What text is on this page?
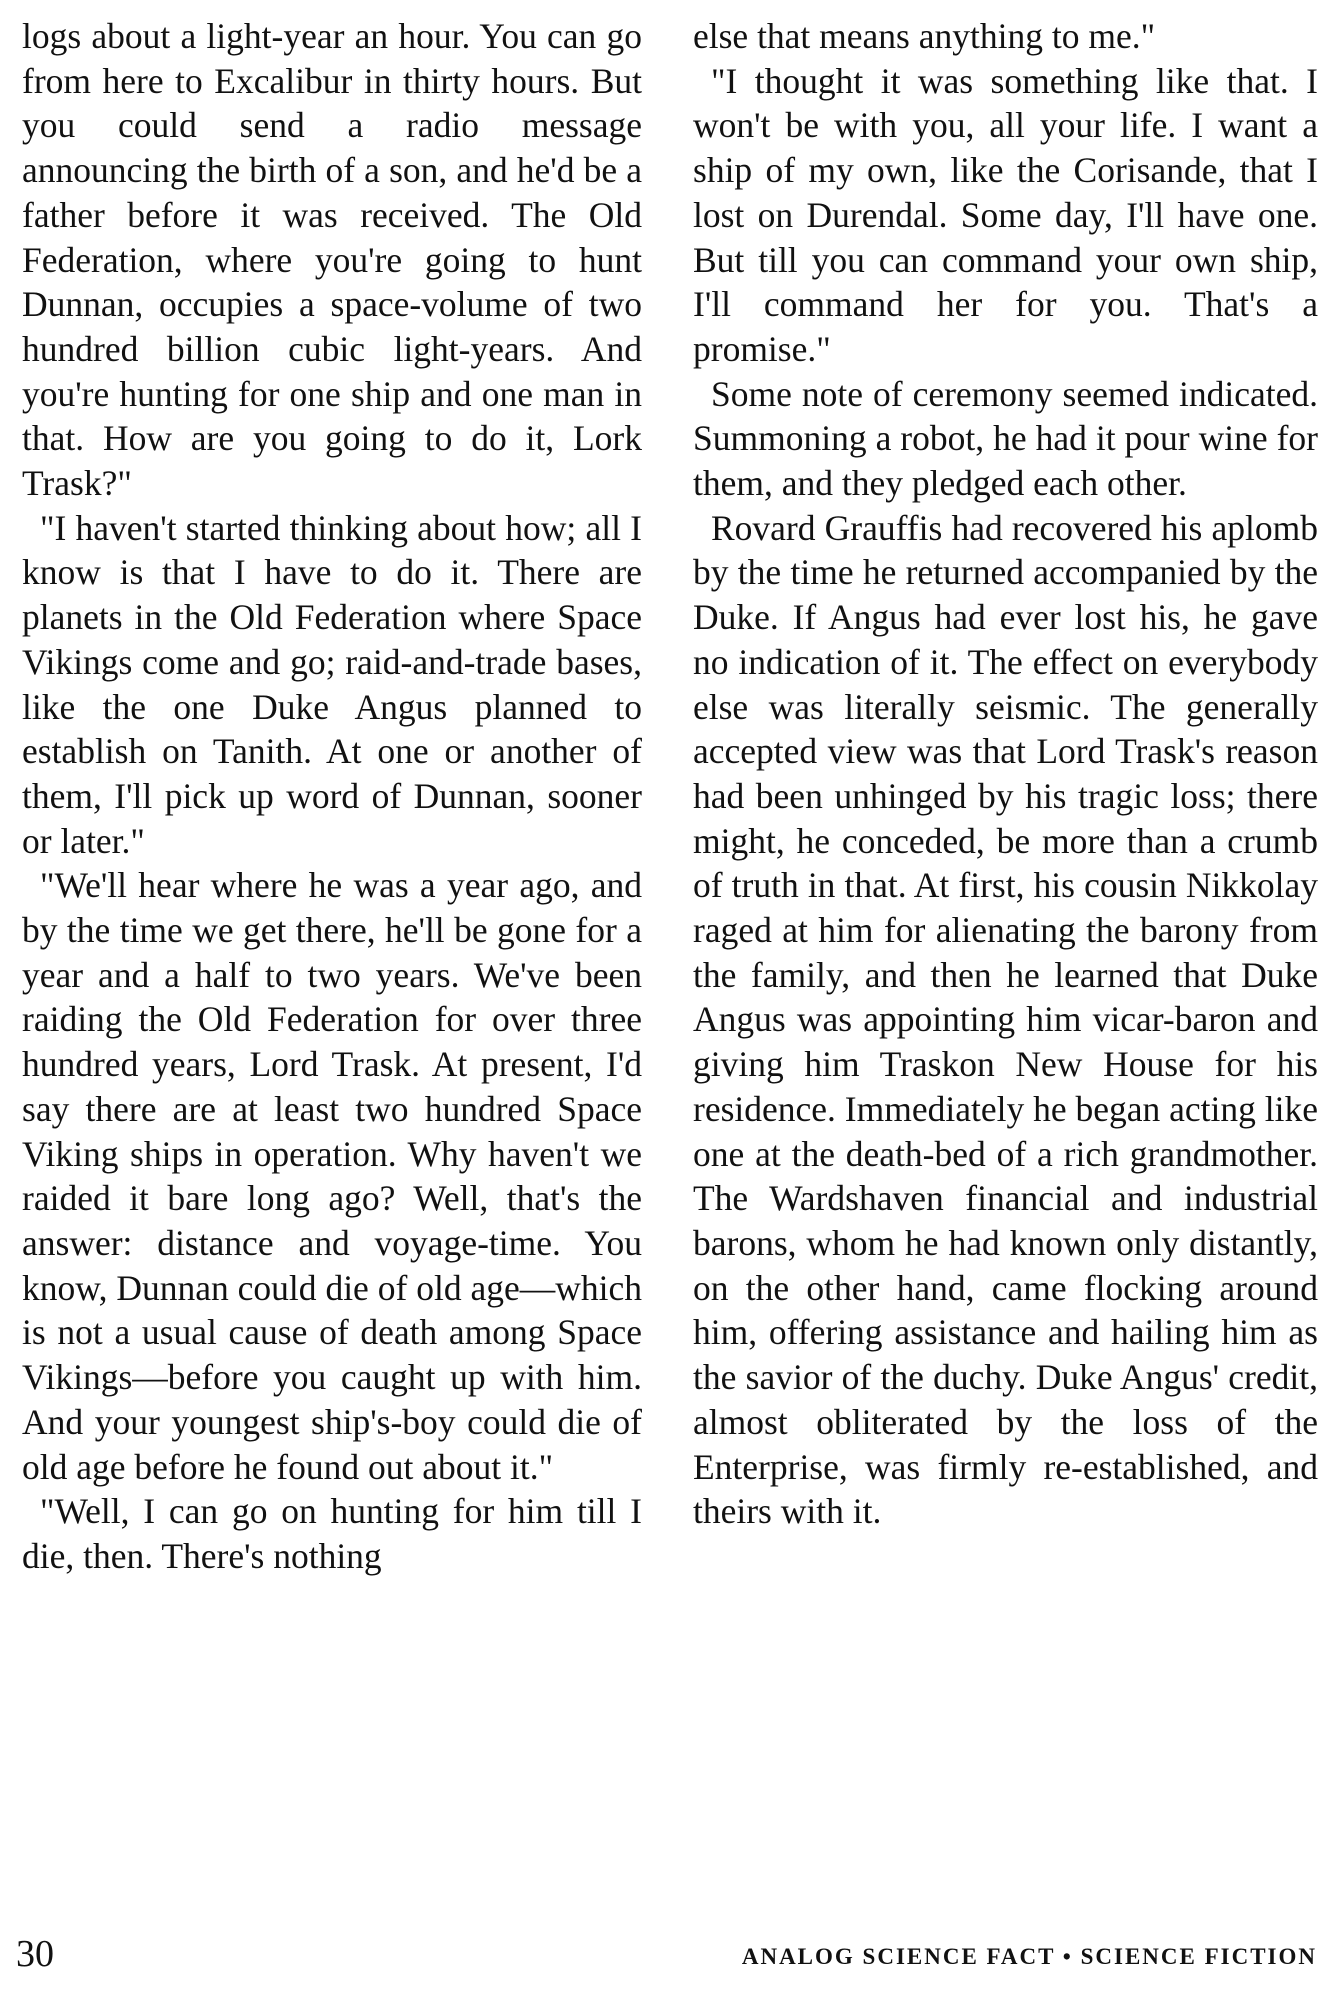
logs about a light-year an hour. You can go from here to Excalibur in thirty hours. But you could send a radio message announcing the birth of a son, and he'd be a father before it was received. The Old Federation, where you're going to hunt Dunnan, occupies a space-volume of two hundred billion cubic light-years. And you're hunting for one ship and one man in that. How are you going to do it, Lork Trask?"

"I haven't started thinking about how; all I know is that I have to do it. There are planets in the Old Federation where Space Vikings come and go; raid-and-trade bases, like the one Duke Angus planned to establish on Tanith. At one or another of them, I'll pick up word of Dunnan, sooner or later."

"We'll hear where he was a year ago, and by the time we get there, he'll be gone for a year and a half to two years. We've been raiding the Old Federation for over three hundred years, Lord Trask. At present, I'd say there are at least two hundred Space Viking ships in operation. Why haven't we raided it bare long ago? Well, that's the answer: distance and voyage-time. You know, Dunnan could die of old age—which is not a usual cause of death among Space Vikings—before you caught up with him. And your youngest ship's-boy could die of old age before he found out about it."

"Well, I can go on hunting for him till I die, then. There's nothing

else that means anything to me."

"I thought it was something like that. I won't be with you, all your life. I want a ship of my own, like the Corisande, that I lost on Durendal. Some day, I'll have one. But till you can command your own ship, I'll command her for you. That's a promise."

Some note of ceremony seemed indicated. Summoning a robot, he had it pour wine for them, and they pledged each other.

Rovard Grauffis had recovered his aplomb by the time he returned accompanied by the Duke. If Angus had ever lost his, he gave no indication of it. The effect on everybody else was literally seismic. The generally accepted view was that Lord Trask's reason had been unhinged by his tragic loss; there might, he conceded, be more than a crumb of truth in that. At first, his cousin Nikkolay raged at him for alienating the barony from the family, and then he learned that Duke Angus was appointing him vicar-baron and giving him Traskon New House for his residence. Immediately he began acting like one at the death-bed of a rich grandmother. The Wardshaven financial and industrial barons, whom he had known only distantly, on the other hand, came flocking around him, offering assistance and hailing him as the savior of the duchy. Duke Angus' credit, almost obliterated by the loss of the Enterprise, was firmly re-established, and theirs with it.

30	ANALOG SCIENCE FACT • SCIENCE FICTION
